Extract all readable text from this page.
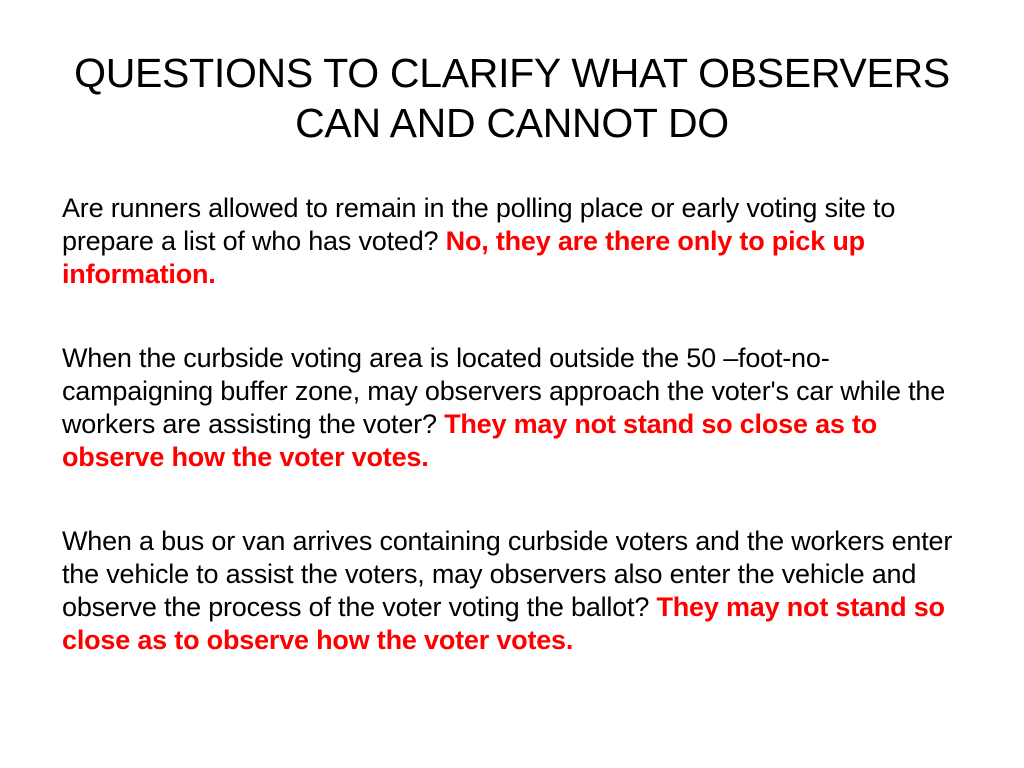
QUESTIONS TO CLARIFY WHAT OBSERVERS
CAN AND CANNOT DO

Are runners allowed to remain in the polling place or early voting site to prepare a list of who has voted? No, they are there only to pick up information.

When the curbside voting area is located outside the 50 –foot-no-campaigning buffer zone, may observers approach the voter's car while the workers are assisting the voter? They may not stand so close as to observe how the voter votes.

When a bus or van arrives containing curbside voters and the workers enter the vehicle to assist the voters, may observers also enter the vehicle and observe the process of the voter voting the ballot? They may not stand so close as to observe how the voter votes.
